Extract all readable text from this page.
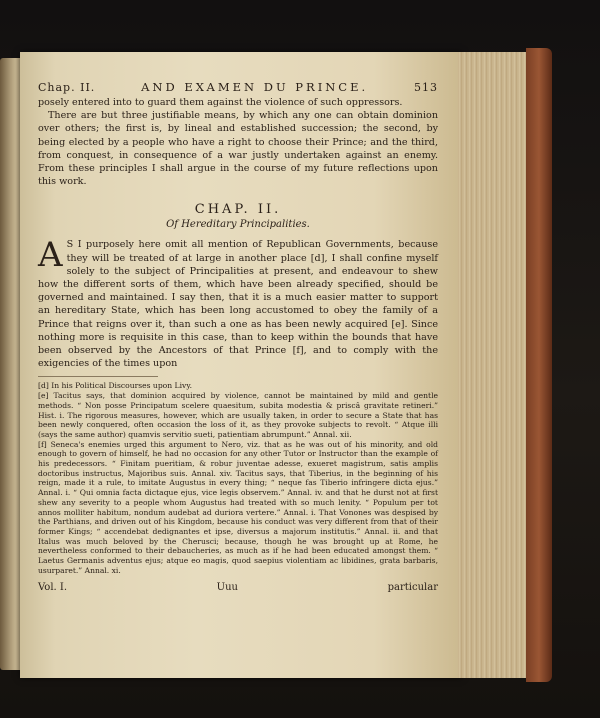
Chap. II.	AND EXAMEN DU PRINCE.	513

posely entered into to guard them against the violence of such oppressors.

There are but three justifiable means, by which any one can obtain dominion over others; the first is, by lineal and established succession; the second, by being elected by a people who have a right to choose their Prince; and the third, from conquest, in consequence of a war justly undertaken against an enemy. From these principles I shall argue in the course of my future reflections upon this work.

CHAP. II.
Of Hereditary Principalities.

A S I purposely here omit all mention of Republican Governments, because they will be treated of at large in another place [d], I shall confine myself solely to the subject of Principalities at present, and endeavour to shew how the different sorts of them, which have been already specified, should be governed and maintained. I say then, that it is a much easier matter to support an hereditary State, which has been long accustomed to obey the family of a Prince that reigns over it, than such a one as has been newly acquired [e]. Since nothing more is requisite in this case, than to keep within the bounds that have been observed by the Ancestors of that Prince [f], and to comply with the exigencies of the times upon

[d] In his Political Discourses upon Livy.

[e] Tacitus says, that dominion acquired by violence, cannot be maintained by mild and gentle methods. “ Non posse Principatum scelere quaesitum, subita modestia & priscâ gravitate retineri.” Hist. i. The rigorous measures, however, which are usually taken, in order to secure a State that has been newly conquered, often occasion the loss of it, as they provoke subjects to revolt. “ Atque illi (says the same author) quamvis servitio sueti, patientiam abrumpunt.” Annal. xii.

[f] Seneca's enemies urged this argument to Nero, viz. that as he was out of his minority, and old enough to govern of himself, he had no occasion for any other Tutor or Instructor than the example of his predecessors. “ Finitam pueritiam, & robur juventae adesse, exueret magistrum, satis amplis doctoribus instructus, Majoribus suis. Annal. xiv. Tacitus says, that Tiberius, in the beginning of his reign, made it a rule, to imitate Augustus in every thing; “ neque fas Tiberio infringere dicta ejus.” Annal. i. “ Qui omnia facta dictaque ejus, vice legis observem.” Annal. iv. and that he durst not at first shew any severity to a people whom Augustus had treated with so much lenity. “ Populum per tot annos molliter habitum, nondum audebat ad duriora vertere.” Annal. i. That Vonones was despised by the Parthians, and driven out of his Kingdom, because his conduct was very different from that of their former Kings; “ accendebat dedignantes et ipse, diversus a majorum institutis.” Annal. ii. and that Italus was much beloved by the Cherusci; because, though he was brought up at Rome, he nevertheless conformed to their debaucheries, as much as if he had been educated amongst them. “ Laetus Germanis adventus ejus; atque eo magis, quod saepius violentiam ac libidines, grata barbaris, usurparet.” Annal. xi.

Vol. I.	Uuu	particular
